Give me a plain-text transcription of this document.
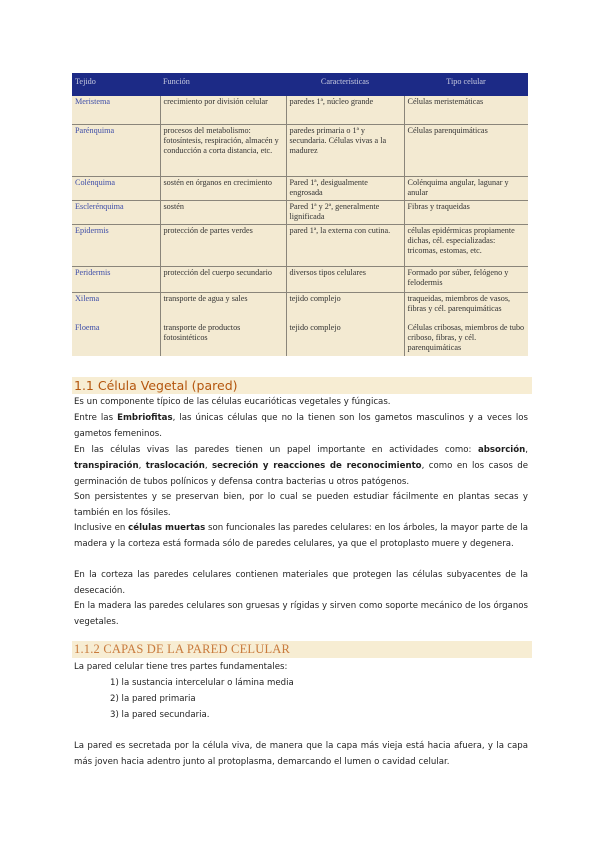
Tejido	Función	Características	Tipo celular
Meristema	crecimiento por división celular	paredes 1ª, núcleo grande	Células meristemáticas
Parénquima	procesos del metabolismo: fotosíntesis, respiración, almacén y conducción a corta distancia, etc.	paredes primaria o 1ª y secundaria. Células vivas a la madurez	Células parenquimáticas
Colénquima	sostén en órganos en crecimiento	Pared 1ª, desigualmente engrosada	Colénquima angular, lagunar y anular
Esclerénquima	sostén	Pared 1ª y 2ª, generalmente lignificada	Fibras y traqueidas
Epidermis	protección de partes verdes	pared 1ª, la externa con cutina.	células epidérmicas propiamente dichas, cél. especializadas: tricomas, estomas, etc.
Peridermis	protección del cuerpo secundario	diversos tipos celulares	Formado por súber, felógeno y felodermis
Xilema	transporte de agua y sales	tejido complejo	traqueidas, miembros de vasos, fibras y cél. parenquimáticas
Floema	transporte de productos fotosintéticos	tejido complejo	Células cribosas, miembros de tubo criboso, fibras, y cél. parenquimáticas
1.1 Célula Vegetal (pared)

Es un componente típico de las células eucarióticas vegetales y fúngicas.

Entre las Embriofitas, las únicas células que no la tienen son los gametos masculinos y a veces los gametos femeninos.

En las células vivas las paredes tienen un papel importante en actividades como: absorción, transpiración, traslocación, secreción y reacciones de reconocimiento, como en los casos de germinación de tubos polínicos y defensa contra bacterias u otros patógenos.

Son persistentes y se preservan bien, por lo cual se pueden estudiar fácilmente en plantas secas y también en los fósiles.

Inclusive en células muertas son funcionales las paredes celulares: en los árboles, la mayor parte de la madera y la corteza está formada sólo de paredes celulares, ya que el protoplasto muere y degenera.

En la corteza las paredes celulares contienen materiales que protegen las células subyacentes de la desecación.

En la madera las paredes celulares son gruesas y rígidas y sirven como soporte mecánico de los órganos vegetales.

1.1.2 CAPAS DE LA PARED CELULAR

La pared celular tiene tres partes fundamentales:

1) la sustancia intercelular o lámina media
2) la pared primaria
3) la pared secundaria.

La pared es secretada por la célula viva, de manera que la capa más vieja está hacia afuera, y la capa más joven hacia adentro junto al protoplasma, demarcando el lumen o cavidad celular.
